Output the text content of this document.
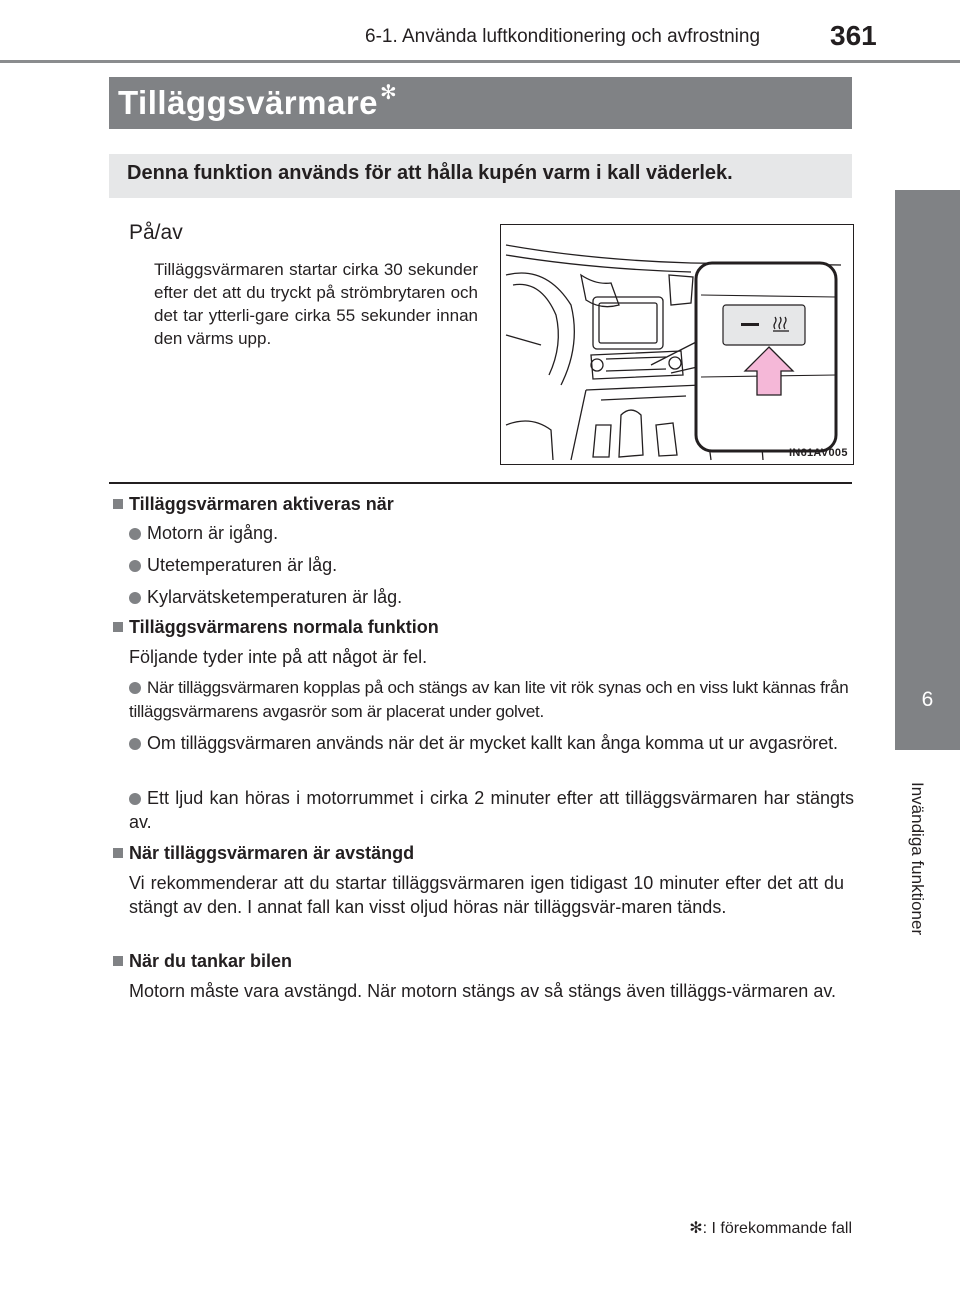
6-1. Använda luftkonditionering och avfrostning 361
6
Invändiga funktioner
Tilläggsvärmare ✻
Denna funktion används för att hålla kupén varm i kall väderlek.
På/av
Tilläggsvärmaren startar cirka 30 sekunder efter det att du tryckt på strömbrytaren och det tar ytterli-gare cirka 55 sekunder innan den värms upp.
IN61AV005
Tilläggsvärmaren aktiveras när
Motorn är igång.
Utetemperaturen är låg.
Kylarvätsketemperaturen är låg.
Tilläggsvärmarens normala funktion
Följande tyder inte på att något är fel.
När tilläggsvärmaren kopplas på och stängs av kan lite vit rök synas och en viss lukt kännas från tilläggsvärmarens avgasrör som är placerat under golvet.
Om tilläggsvärmaren används när det är mycket kallt kan ånga komma ut ur avgasröret.
Ett ljud kan höras i motorrummet i cirka 2 minuter efter att tilläggsvärmaren har stängts av.
När tilläggsvärmaren är avstängd
Vi rekommenderar att du startar tilläggsvärmaren igen tidigast 10 minuter efter det att du stängt av den. I annat fall kan visst oljud höras när tilläggsvär-maren tänds.
När du tankar bilen
Motorn måste vara avstängd. När motorn stängs av så stängs även tilläggs-värmaren av.
✻: I förekommande fall
